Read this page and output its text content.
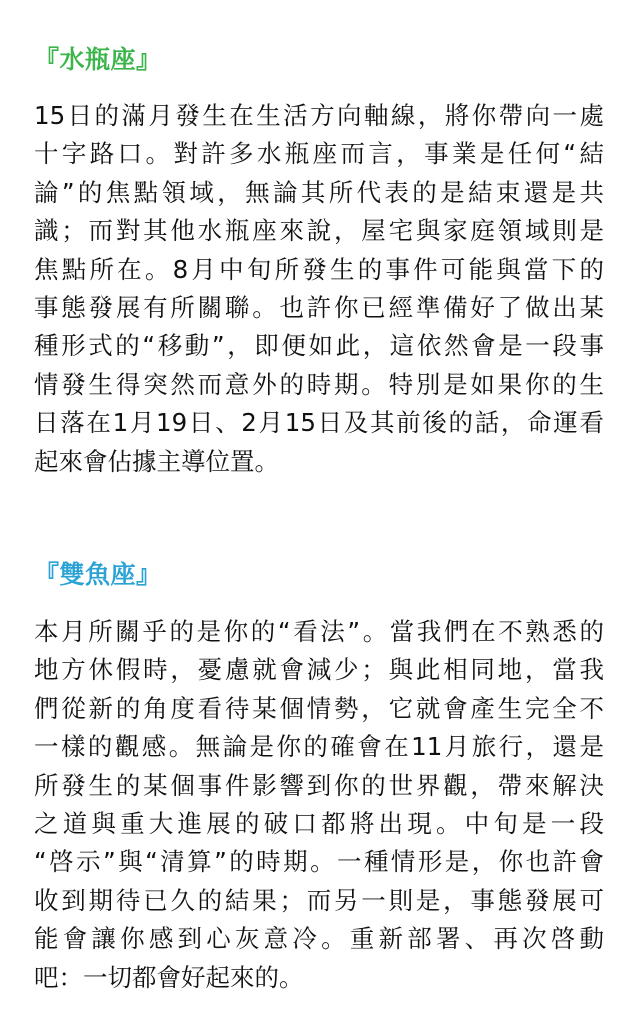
『水瓶座』
15日的滿月發生在生活方向軸線，將你帶向一處
十字路口。對許多水瓶座而言，事業是任何“結
論”的焦點領域，無論其所代表的是結束還是共
識；而對其他水瓶座來說，屋宅與家庭領域則是
焦點所在。8月中旬所發生的事件可能與當下的
事態發展有所關聯。也許你已經準備好了做出某
種形式的“移動”，即便如此，這依然會是一段事
情發生得突然而意外的時期。特別是如果你的生
日落在1月19日、2月15日及其前後的話，命運看
起來會佔據主導位置。
『雙魚座』
本月所關乎的是你的“看法”。當我們在不熟悉的
地方休假時，憂慮就會減少；與此相同地，當我
們從新的角度看待某個情勢，它就會產生完全不
一樣的觀感。無論是你的確會在11月旅行，還是
所發生的某個事件影響到你的世界觀，帶來解決
之道與重大進展的破口都將出現。中旬是一段
“啓示”與“清算”的時期。一種情形是，你也許會
收到期待已久的結果；而另一則是，事態發展可
能會讓你感到心灰意冷。重新部署、再次啓動
吧：一切都會好起來的。
